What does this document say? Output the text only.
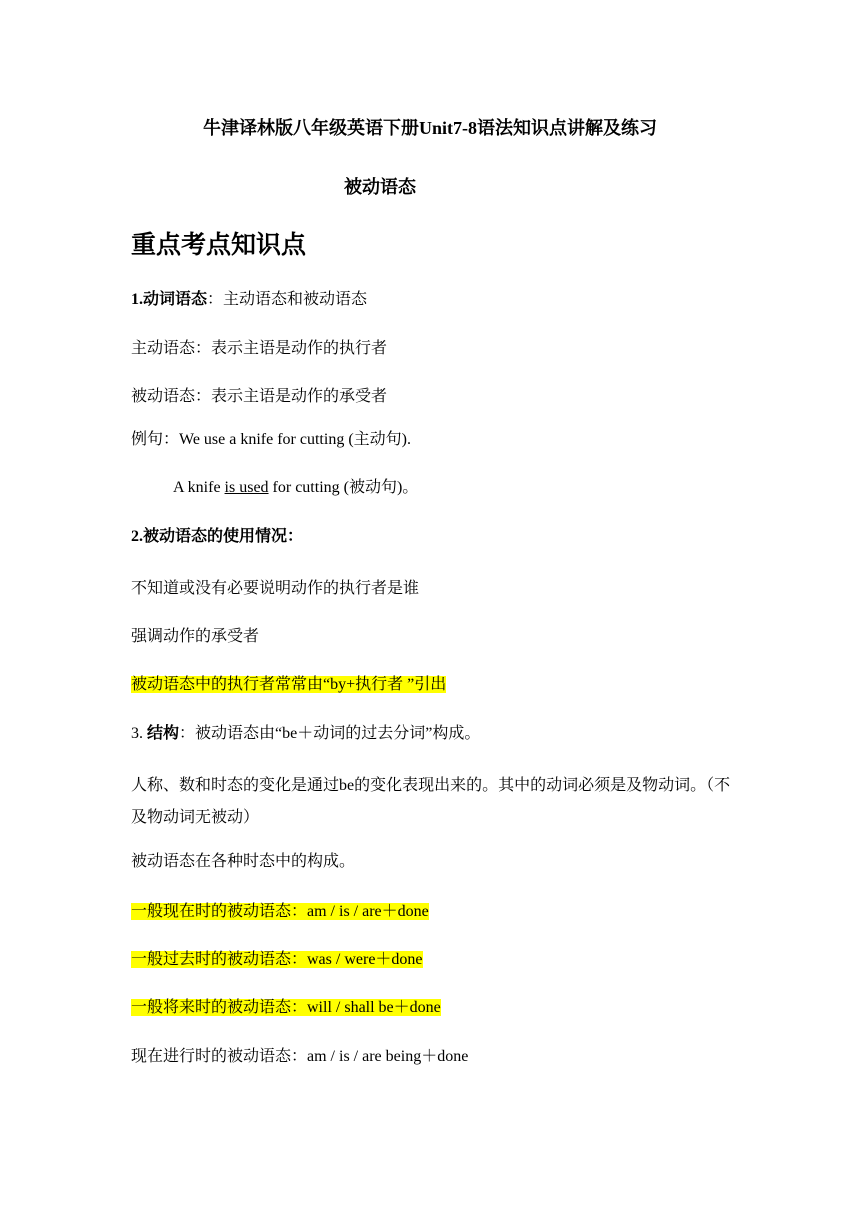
牛津译林版八年级英语下册Unit7-8语法知识点讲解及练习
被动语态
重点考点知识点
1.动词语态：主动语态和被动语态
主动语态：表示主语是动作的执行者
被动语态：表示主语是动作的承受者
例句：We use a knife for cutting (主动句).
A knife is used for cutting (被动句)。
2.被动语态的使用情况：
不知道或没有必要说明动作的执行者是谁
强调动作的承受者
被动语态中的执行者常常由“by+执行者 ”引出
3. 结构：被动语态由“be＋动词的过去分词”构成。
人称、数和时态的变化是通过be的变化表现出来的。其中的动词必须是及物动词。（不及物动词无被动）
被动语态在各种时态中的构成。
一般现在时的被动语态：am / is / are＋done
一般过去时的被动语态：was / were＋done
一般将来时的被动语态：will / shall be＋done
现在进行时的被动语态：am / is / are being＋done
